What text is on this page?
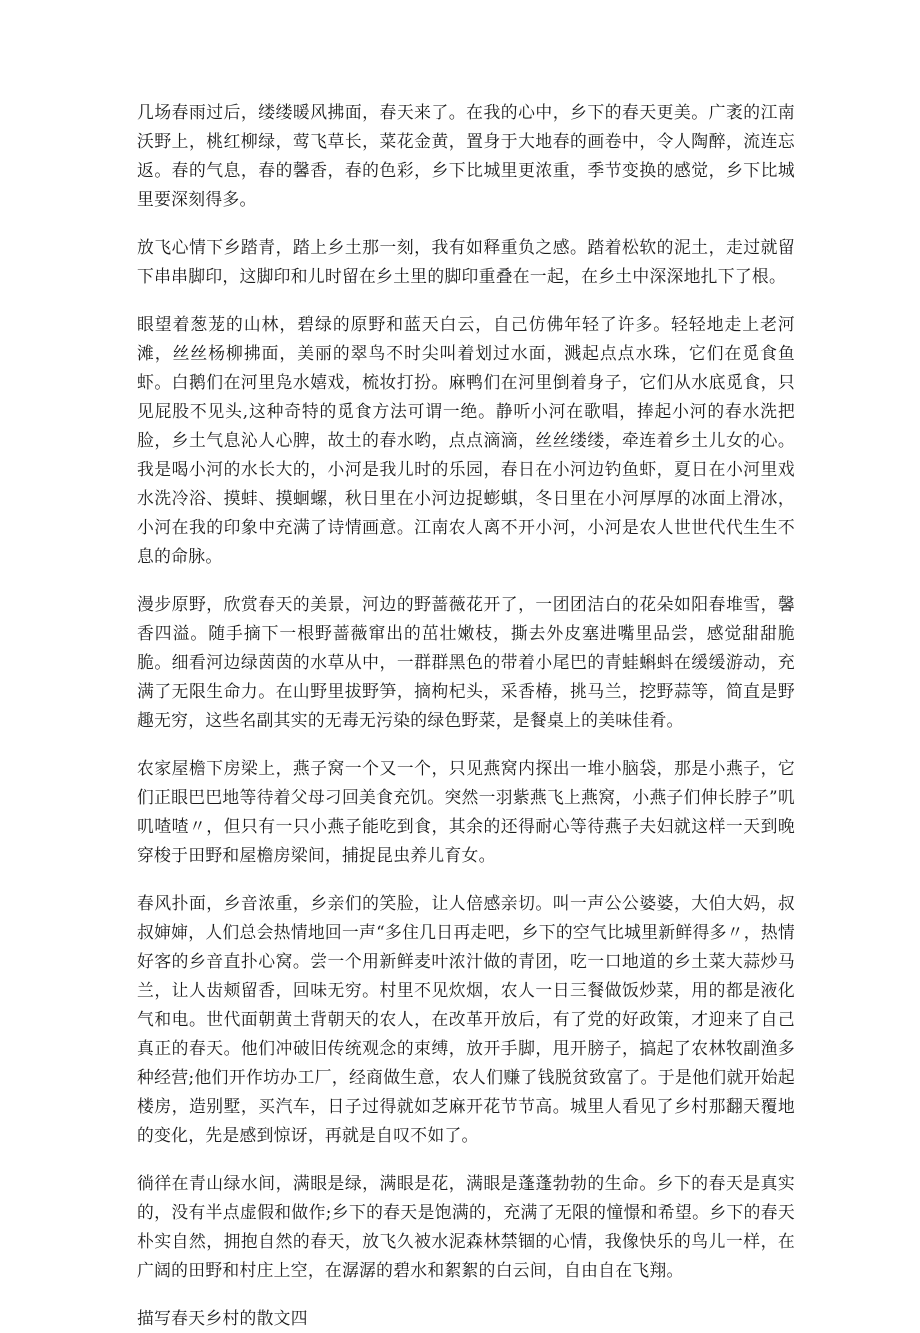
几场春雨过后，缕缕暖风拂面，春天来了。在我的心中，乡下的春天更美。广袤的江南沃野上，桃红柳绿，莺飞草长，菜花金黄，置身于大地春的画卷中，令人陶醉，流连忘返。春的气息，春的馨香，春的色彩，乡下比城里更浓重，季节变换的感觉，乡下比城里要深刻得多。

放飞心情下乡踏青，踏上乡土那一刻，我有如释重负之感。踏着松软的泥土，走过就留下串串脚印，这脚印和儿时留在乡土里的脚印重叠在一起，在乡土中深深地扎下了根。

眼望着葱茏的山林，碧绿的原野和蓝天白云，自己仿佛年轻了许多。轻轻地走上老河滩，丝丝杨柳拂面，美丽的翠鸟不时尖叫着划过水面，溅起点点水珠，它们在觅食鱼虾。白鹅们在河里凫水嬉戏，梳妆打扮。麻鸭们在河里倒着身子，它们从水底觅食，只见屁股不见头,这种奇特的觅食方法可谓一绝。静听小河在歌唱，捧起小河的春水洗把脸，乡土气息沁人心脾，故土的春水哟，点点滴滴，丝丝缕缕，牵连着乡土儿女的心。我是喝小河的水长大的，小河是我儿时的乐园，春日在小河边钓鱼虾，夏日在小河里戏水洗冷浴、摸蚌、摸蛔螺，秋日里在小河边捉蟛蜞，冬日里在小河厚厚的冰面上滑冰，小河在我的印象中充满了诗情画意。江南农人离不开小河，小河是农人世世代代生生不息的命脉。

漫步原野，欣赏春天的美景，河边的野蔷薇花开了，一团团洁白的花朵如阳春堆雪，馨香四溢。随手摘下一根野蔷薇窜出的茁壮嫩枝，撕去外皮塞进嘴里品尝，感觉甜甜脆脆。细看河边绿茵茵的水草从中，一群群黑色的带着小尾巴的青蛙蝌蚪在缓缓游动，充满了无限生命力。在山野里拔野笋，摘枸杞头，采香椿，挑马兰，挖野蒜等，简直是野趣无穷，这些名副其实的无毒无污染的绿色野菜，是餐桌上的美味佳肴。

农家屋檐下房梁上，燕子窝一个又一个，只见燕窝内探出一堆小脑袋，那是小燕子，它们正眼巴巴地等待着父母刁回美食充饥。突然一羽紫燕飞上燕窝，小燕子们伸长脖子”叽叽喳喳〃，但只有一只小燕子能吃到食，其余的还得耐心等待燕子夫妇就这样一天到晚穿梭于田野和屋檐房梁间，捕捉昆虫养儿育女。

春风扑面，乡音浓重，乡亲们的笑脸，让人倍感亲切。叫一声公公婆婆，大伯大妈，叔叔婶婶，人们总会热情地回一声“多住几日再走吧，乡下的空气比城里新鲜得多〃，热情好客的乡音直扑心窝。尝一个用新鲜麦叶浓汁做的青团，吃一口地道的乡土菜大蒜炒马兰，让人齿颊留香，回味无穷。村里不见炊烟，农人一日三餐做饭炒菜，用的都是液化气和电。世代面朝黄土背朝天的农人，在改革开放后，有了党的好政策，才迎来了自己真正的春天。他们冲破旧传统观念的束缚，放开手脚，甩开膀子，搞起了农林牧副渔多种经营;他们开作坊办工厂，经商做生意，农人们赚了钱脱贫致富了。于是他们就开始起楼房，造别墅，买汽车，日子过得就如芝麻开花节节高。城里人看见了乡村那翻天覆地的变化，先是感到惊讶，再就是自叹不如了。

徜徉在青山绿水间，满眼是绿，满眼是花，满眼是蓬蓬勃勃的生命。乡下的春天是真实的，没有半点虚假和做作;乡下的春天是饱满的，充满了无限的憧憬和希望。乡下的春天朴实自然，拥抱自然的春天，放飞久被水泥森林禁锢的心情，我像快乐的鸟儿一样，在广阔的田野和村庄上空，在潺潺的碧水和絮絮的白云间，自由自在飞翔。

描写春天乡村的散文四
